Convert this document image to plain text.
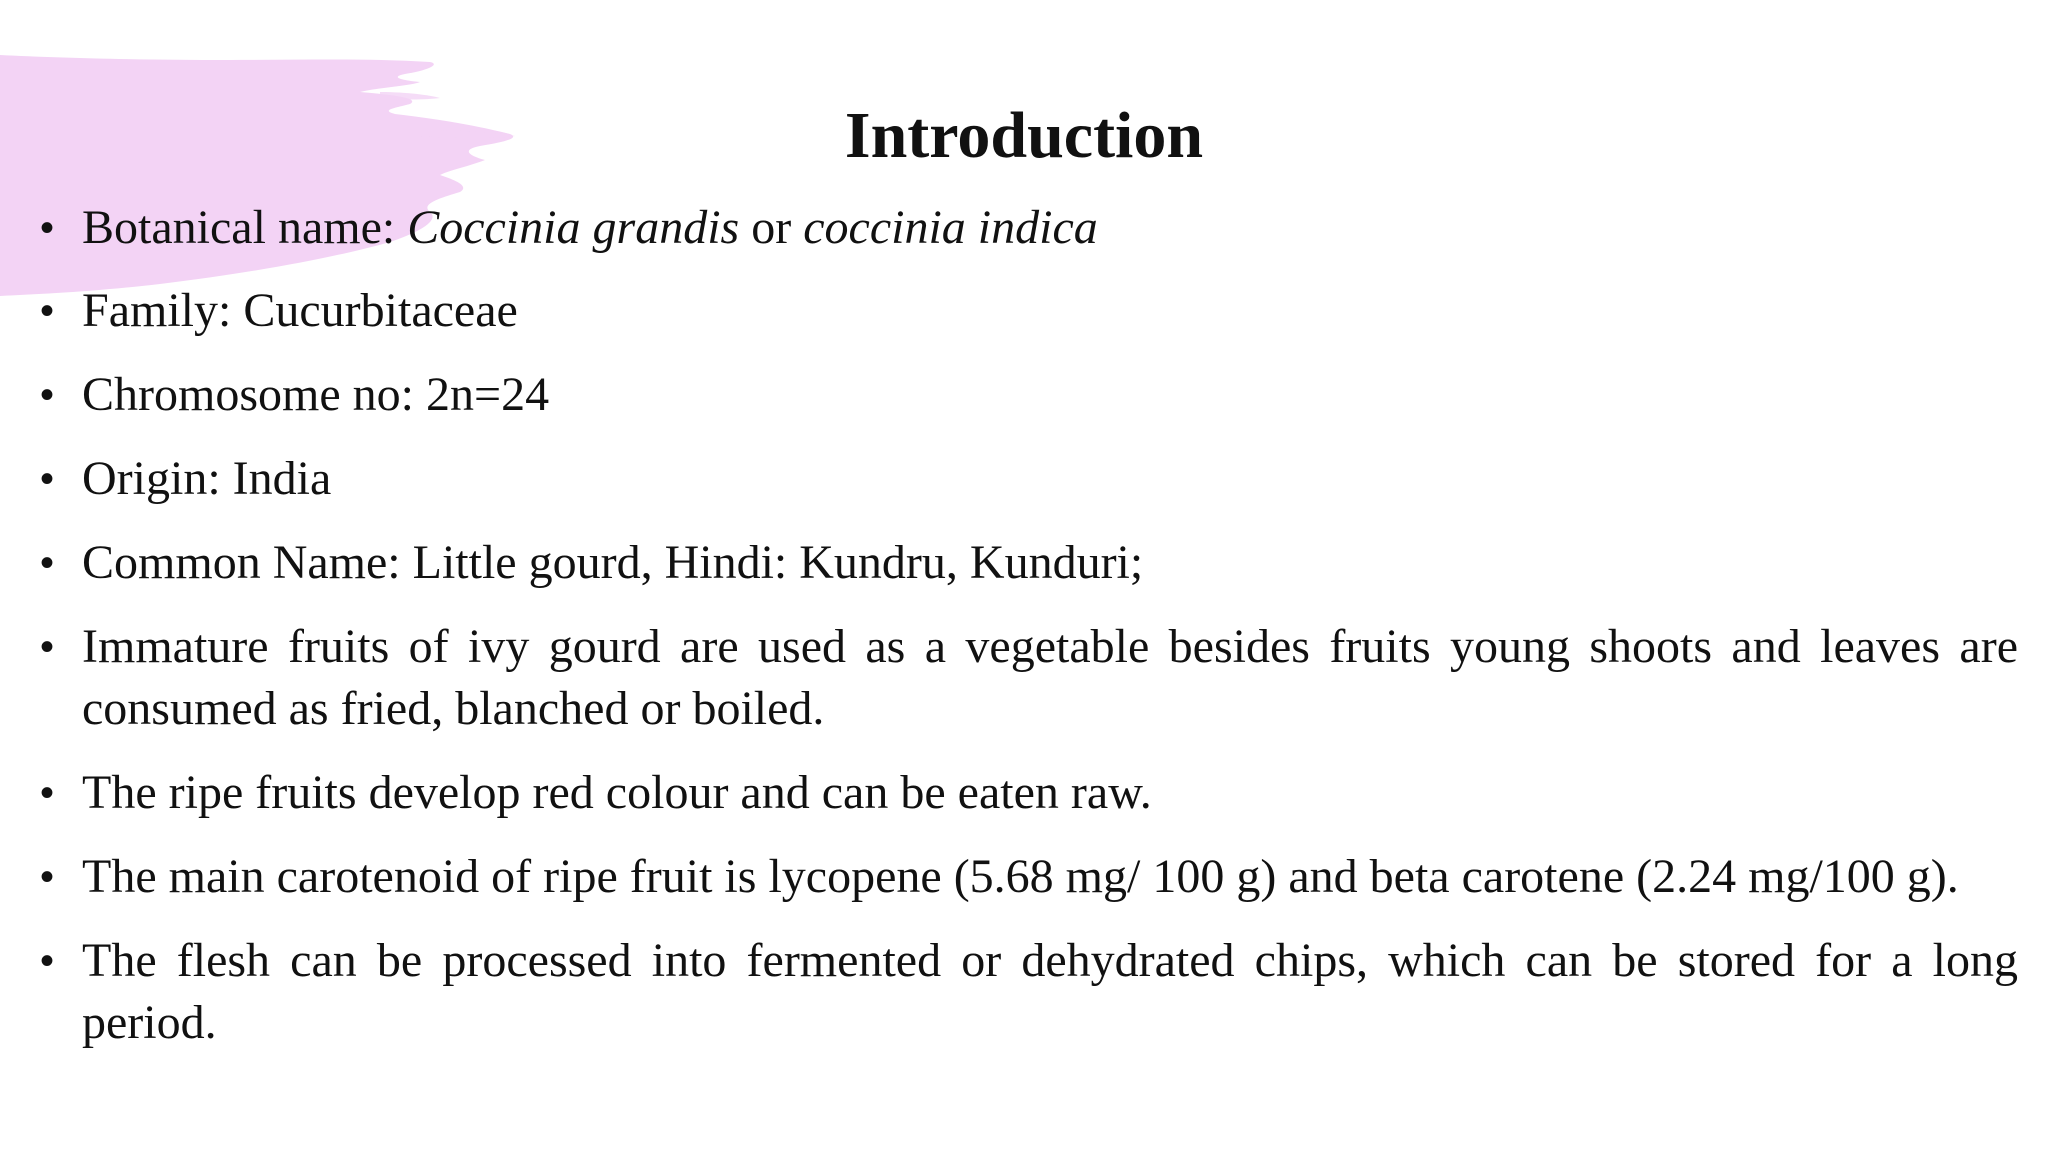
Introduction
• Botanical name: Coccinia grandis or coccinia indica
• Family: Cucurbitaceae
• Chromosome no: 2n=24
• Origin: India
• Common Name: Little gourd, Hindi: Kundru, Kunduri;
• Immature fruits of ivy gourd are used as a vegetable besides fruits young shoots and leaves are consumed as fried, blanched or boiled.
• The ripe fruits develop red colour and can be eaten raw.
• The main carotenoid of ripe fruit is lycopene (5.68 mg/ 100 g) and beta carotene (2.24 mg/100 g).
• The flesh can be processed into fermented or dehydrated chips, which can be stored for a long period.
